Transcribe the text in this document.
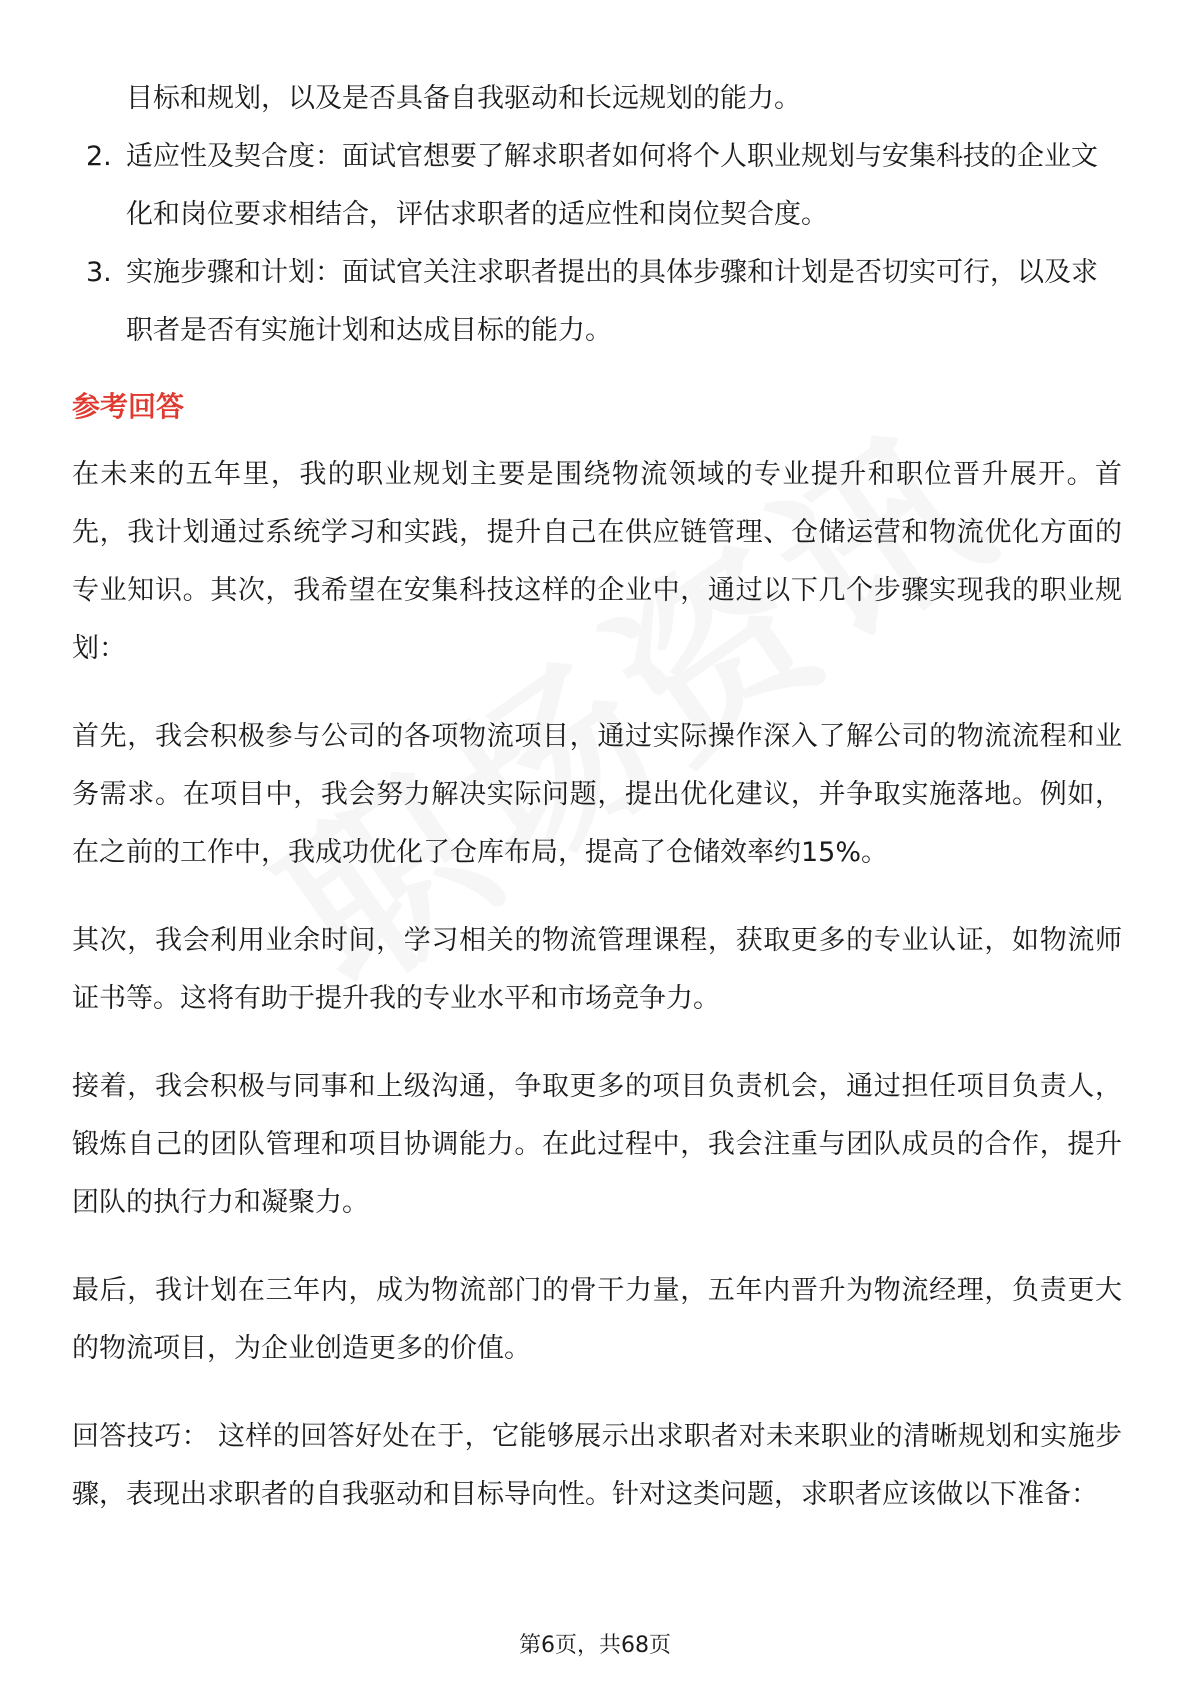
目标和规划，以及是否具备自我驱动和长远规划的能力。
2. 适应性及契合度：面试官想要了解求职者如何将个人职业规划与安集科技的企业文化和岗位要求相结合，评估求职者的适应性和岗位契合度。
3. 实施步骤和计划：面试官关注求职者提出的具体步骤和计划是否切实可行，以及求职者是否有实施计划和达成目标的能力。
参考回答

在未来的五年里，我的职业规划主要是围绕物流领域的专业提升和职位晋升展开。首先，我计划通过系统学习和实践，提升自己在供应链管理、仓储运营和物流优化方面的专业知识。其次，我希望在安集科技这样的企业中，通过以下几个步骤实现我的职业规划：

首先，我会积极参与公司的各项物流项目，通过实际操作深入了解公司的物流流程和业务需求。在项目中，我会努力解决实际问题，提出优化建议，并争取实施落地。例如，在之前的工作中，我成功优化了仓库布局，提高了仓储效率约15%。

其次，我会利用业余时间，学习相关的物流管理课程，获取更多的专业认证，如物流师证书等。这将有助于提升我的专业水平和市场竞争力。

接着，我会积极与同事和上级沟通，争取更多的项目负责机会，通过担任项目负责人，锻炼自己的团队管理和项目协调能力。在此过程中，我会注重与团队成员的合作，提升团队的执行力和凝聚力。

最后，我计划在三年内，成为物流部门的骨干力量，五年内晋升为物流经理，负责更大的物流项目，为企业创造更多的价值。

回答技巧： 这样的回答好处在于，它能够展示出求职者对未来职业的清晰规划和实施步骤，表现出求职者的自我驱动和目标导向性。针对这类问题，求职者应该做以下准备：

第6页，共68页
